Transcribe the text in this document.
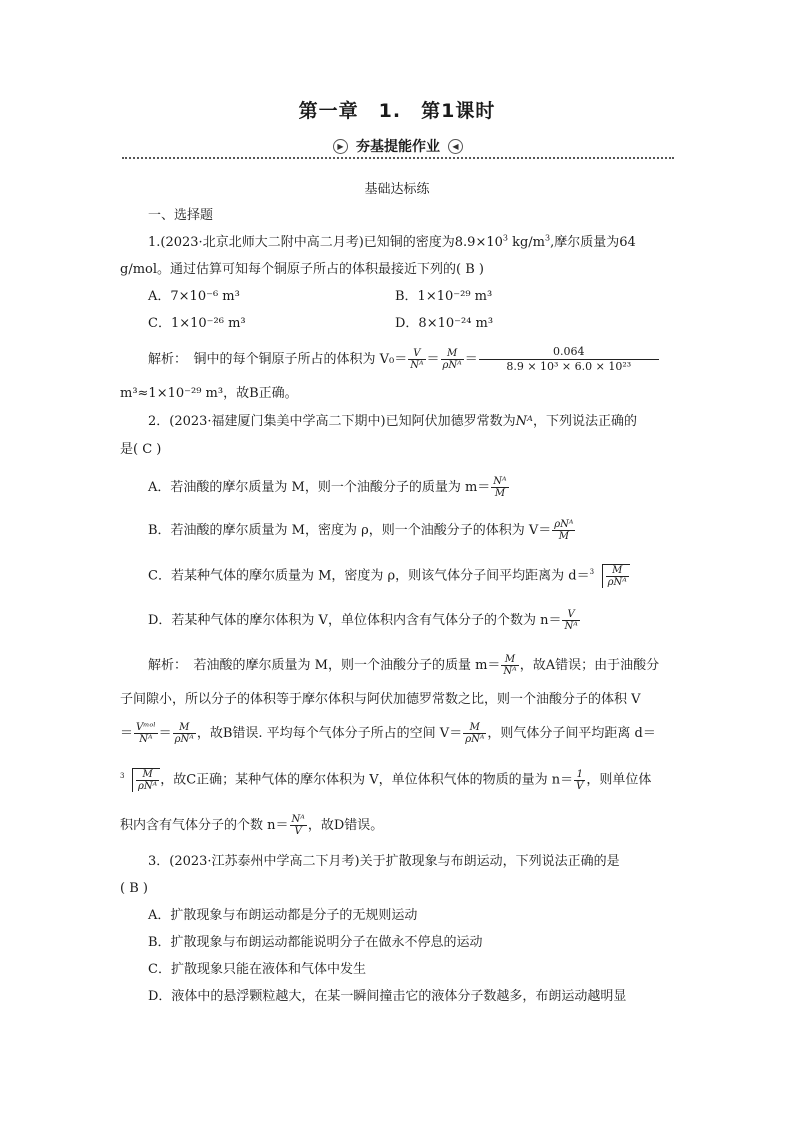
第一章　1.　第1课时
▶ 夯基提能作业	◀
基础达标练
一、选择题
1.(2023·北京北师大二附中高二月考)已知铜的密度为$8.9\times 10^3$ $kg/m^3$,摩尔质量为64
g/mol。通过估算可知每个铜原子所占的体积最接近下列的( B )
A．7×10⁻⁶ m³	B．1×10⁻²⁹ m³
C．1×10⁻²⁶ m³	D．8×10⁻²⁴ m³
解析：　铜中的每个铜原子所占的体积为 $V_0= \frac{V}{\text{Nᴬ}} = \frac{M}{\text{ρNᴬ}} = \frac{0.064}{\text{8.9 × 10³ × 6.0 × 10²³}}$
m³≈1×10⁻²⁹ m³，故B正确。
2．(2023·福建厦门集美中学高二下期中)已知阿伏加德罗常数为Nᴬ，下列说法正确的
是( C )
A．若油酸的摩尔质量为 M，则一个油酸分子的质量为 $m= \frac{\text{Nᴬ}}{M}$
B．若油酸的摩尔质量为 M，密度为 ρ，则一个油酸分子的体积为 $V= \frac{\text{ρNᴬ}}{M}$
C．若某种气体的摩尔质量为 M，密度为 ρ，则该气体分子间平均距离为 $d= 3 \frac{M}{\text{ρNᴬ}}$
D．若某种气体的摩尔体积为 V，单位体积内含有气体分子的个数为 $n= \frac{V}{\text{Nᴬ}}$
解析：　若油酸的摩尔质量为 M，则一个油酸分子的质量 $m= \frac{M}{\text{Nᴬ}}$ ，故A错误；由于油酸分
子间隙小，所以分子的体积等于摩尔体积与阿伏加德罗常数之比，则一个油酸分子的体积 V
＝ $\frac{\text{Vᵐᵒˡ}}{\text{Nᴬ}} = \frac{M}{\text{ρNᴬ}}$ ，故B错误. 平均每个气体分子所占的空间 $V= \frac{M}{\text{ρNᴬ}}$ ，则气体分子间平均距离 d＝
$3 \frac{M}{\text{ρNᴬ}}$ ，故C正确；某种气体的摩尔体积为 V，单位体积气体的物质的量为 $n= \frac{1}{V}$ ，则单位体
积内含有气体分子的个数 $n= \frac{\text{Nᴬ}}{V}$ ，故D错误。
3．(2023·江苏泰州中学高二下月考)关于扩散现象与布朗运动，下列说法正确的是
( B )
A．扩散现象与布朗运动都是分子的无规则运动
B．扩散现象与布朗运动都能说明分子在做永不停息的运动
C．扩散现象只能在液体和气体中发生
D．液体中的悬浮颗粒越大，在某一瞬间撞击它的液体分子数越多，布朗运动越明显
